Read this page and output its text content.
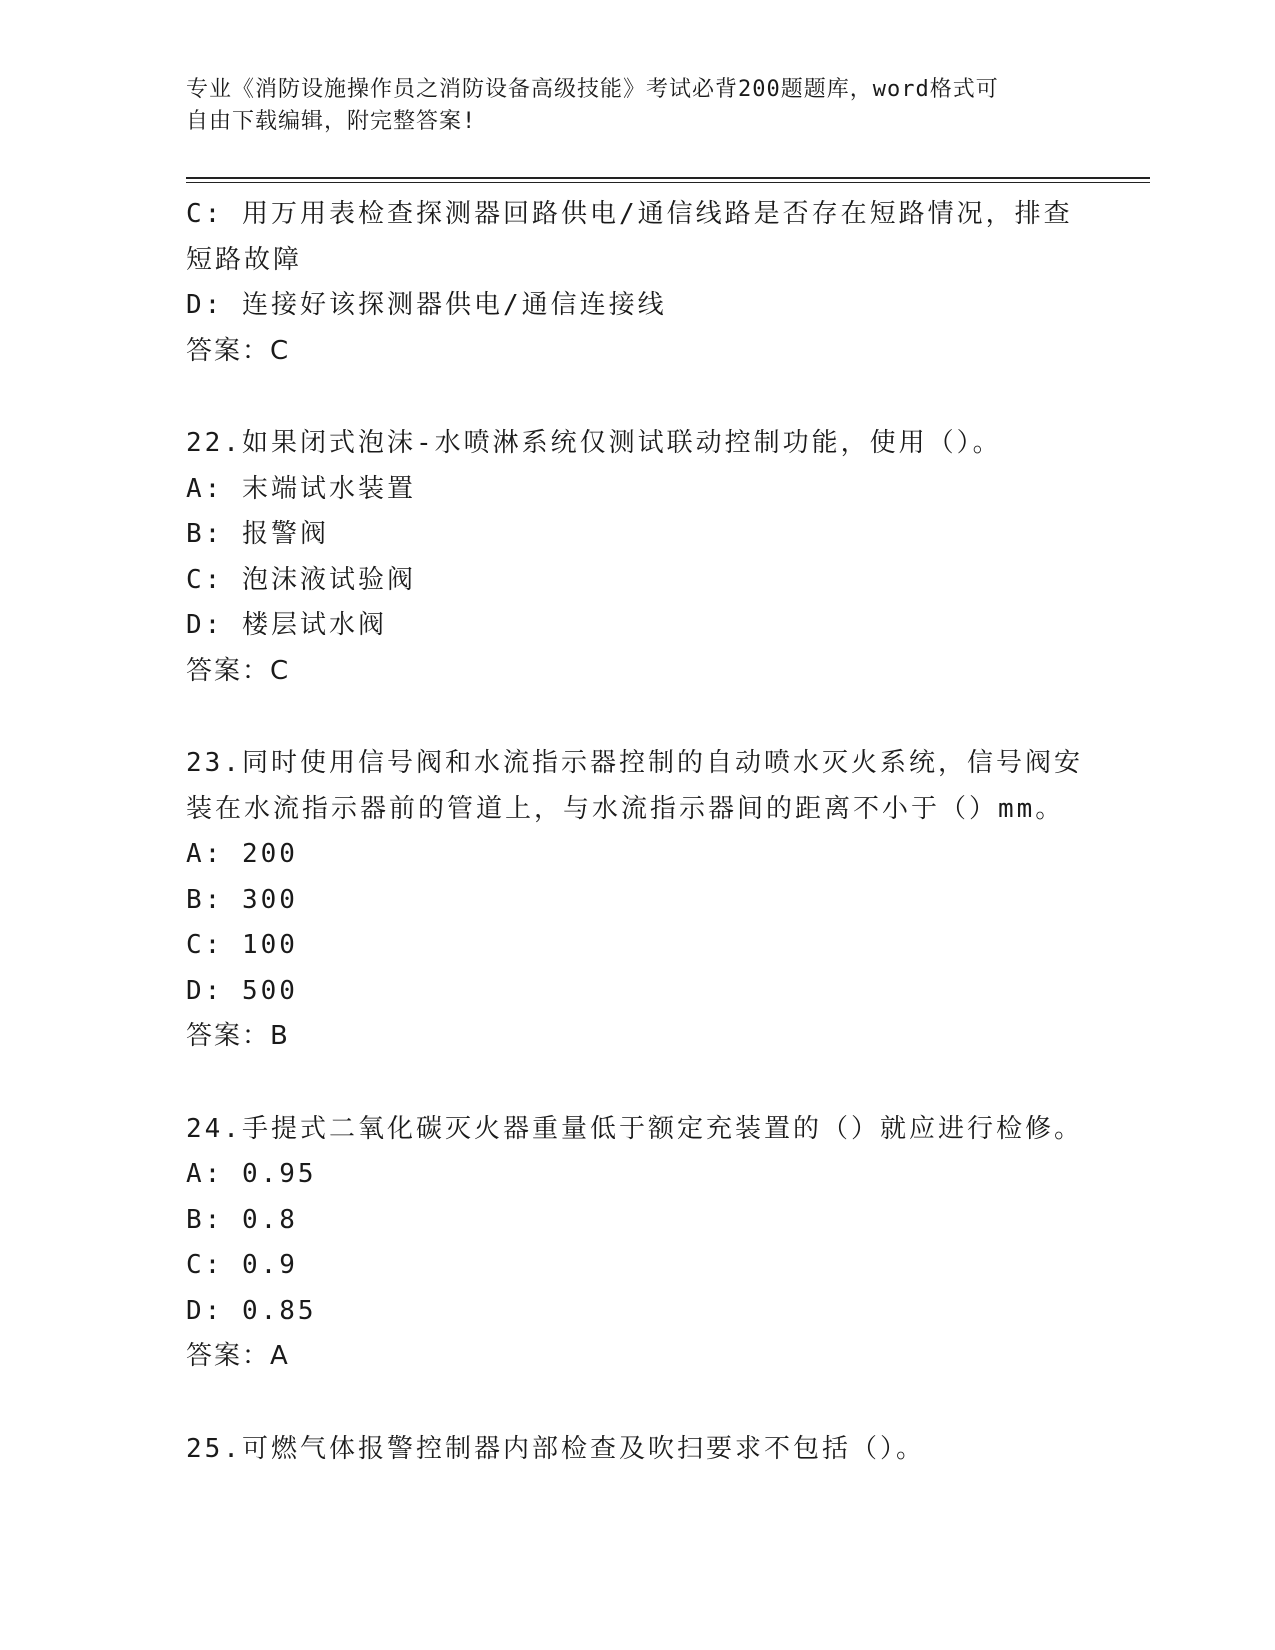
专业《消防设施操作员之消防设备高级技能》考试必背200题题库，word格式可
自由下载编辑，附完整答案!
C: 用万用表检查探测器回路供电/通信线路是否存在短路情况，排查
短路故障
D: 连接好该探测器供电/通信连接线
答案：C
22.如果闭式泡沫-水喷淋系统仅测试联动控制功能，使用（）。
A: 末端试水装置
B: 报警阀
C: 泡沫液试验阀
D: 楼层试水阀
答案：C
23.同时使用信号阀和水流指示器控制的自动喷水灭火系统，信号阀安
装在水流指示器前的管道上，与水流指示器间的距离不小于（）mm。
A: 200
B: 300
C: 100
D: 500
答案：B
24.手提式二氧化碳灭火器重量低于额定充装置的（）就应进行检修。
A: 0.95
B: 0.8
C: 0.9
D: 0.85
答案：A
25.可燃气体报警控制器内部检查及吹扫要求不包括（）。
